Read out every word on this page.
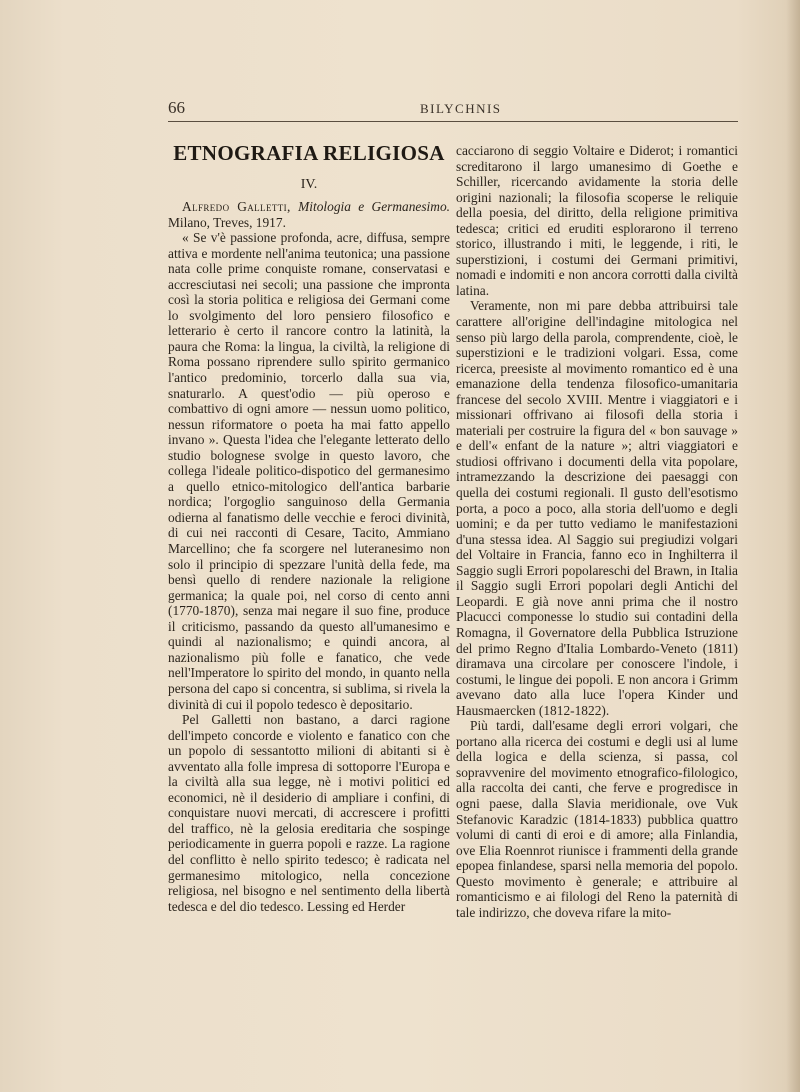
66	BILYCHNIS
ETNOGRAFIA RELIGIOSA
IV.

Alfredo Galletti, Mitologia e Germanesimo. Milano, Treves, 1917.

« Se v'è passione profonda, acre, diffusa, sempre attiva e mordente nell'anima teutonica; una passione nata colle prime conquiste romane, conservatasi e accresciutasi nei secoli; una passione che impronta così la storia politica e religiosa dei Germani come lo svolgimento del loro pensiero filosofico e letterario è certo il rancore contro la latinità, la paura che Roma: la lingua, la civiltà, la religione di Roma possano riprendere sullo spirito germanico l'antico predominio, torcerlo dalla sua via, snaturarlo. A quest'odio — più operoso e combattivo di ogni amore — nessun uomo politico, nessun riformatore o poeta ha mai fatto appello invano ». Questa l'idea che l'elegante letterato dello studio bolognese svolge in questo lavoro, che collega l'ideale politico-dispotico del germanesimo a quello etnico-mitologico dell'antica barbarie nordica; l'orgoglio sanguinoso della Germania odierna al fanatismo delle vecchie e feroci divinità, di cui nei racconti di Cesare, Tacito, Ammiano Marcellino; che fa scorgere nel luteranesimo non solo il principio di spezzare l'unità della fede, ma bensì quello di rendere nazionale la religione germanica; la quale poi, nel corso di cento anni (1770-1870), senza mai negare il suo fine, produce il criticismo, passando da questo all'umanesimo e quindi al nazionalismo; e quindi ancora, al nazionalismo più folle e fanatico, che vede nell'Imperatore lo spirito del mondo, in quanto nella persona del capo si concentra, si sublima, si rivela la divinità di cui il popolo tedesco è depositario.

Pel Galletti non bastano, a darci ragione dell'impeto concorde e violento e fanatico con che un popolo di sessantotto milioni di abitanti si è avventato alla folle impresa di sottoporre l'Europa e la civiltà alla sua legge, nè i motivi politici ed economici, nè il desiderio di ampliare i confini, di conquistare nuovi mercati, di accrescere i profitti del traffico, nè la gelosia ereditaria che sospinge periodicamente in guerra popoli e razze. La ragione del conflitto è nello spirito tedesco; è radicata nel germanesimo mitologico, nella concezione religiosa, nel bisogno e nel sentimento della libertà tedesca e del dio tedesco. Lessing ed Herder

cacciarono di seggio Voltaire e Diderot; i romantici screditarono il largo umanesimo di Goethe e Schiller, ricercando avidamente la storia delle origini nazionali; la filosofia scoperse le reliquie della poesia, del diritto, della religione primitiva tedesca; critici ed eruditi esplorarono il terreno storico, illustrando i miti, le leggende, i riti, le superstizioni, i costumi dei Germani primitivi, nomadi e indomiti e non ancora corrotti dalla civiltà latina.

Veramente, non mi pare debba attribuirsi tale carattere all'origine dell'indagine mitologica nel senso più largo della parola, comprendente, cioè, le superstizioni e le tradizioni volgari. Essa, come ricerca, preesiste al movimento romantico ed è una emanazione della tendenza filosofico-umanitaria francese del secolo XVIII. Mentre i viaggiatori e i missionari offrivano ai filosofi della storia i materiali per costruire la figura del « bon sauvage » e dell'« enfant de la nature »; altri viaggiatori e studiosi offrivano i documenti della vita popolare, intramezzando la descrizione dei paesaggi con quella dei costumi regionali. Il gusto dell'esotismo porta, a poco a poco, alla storia dell'uomo e degli uomini; e da per tutto vediamo le manifestazioni d'una stessa idea. Al Saggio sui pregiudizi volgari del Voltaire in Francia, fanno eco in Inghilterra il Saggio sugli Errori popolareschi del Brawn, in Italia il Saggio sugli Errori popolari degli Antichi del Leopardi. E già nove anni prima che il nostro Placucci componesse lo studio sui contadini della Romagna, il Governatore della Pubblica Istruzione del primo Regno d'Italia Lombardo-Veneto (1811) diramava una circolare per conoscere l'indole, i costumi, le lingue dei popoli. E non ancora i Grimm avevano dato alla luce l'opera Kinder und Hausmaercken (1812-1822).

Più tardi, dall'esame degli errori volgari, che portano alla ricerca dei costumi e degli usi al lume della logica e della scienza, si passa, col sopravvenire del movimento etnografico-filologico, alla raccolta dei canti, che ferve e progredisce in ogni paese, dalla Slavia meridionale, ove Vuk Stefanovic Karadzic (1814-1833) pubblica quattro volumi di canti di eroi e di amore; alla Finlandia, ove Elia Roennrot riunisce i frammenti della grande epopea finlandese, sparsi nella memoria del popolo. Questo movimento è generale; e attribuire al romanticismo e ai filologi del Reno la paternità di tale indirizzo, che doveva rifare la mito-
